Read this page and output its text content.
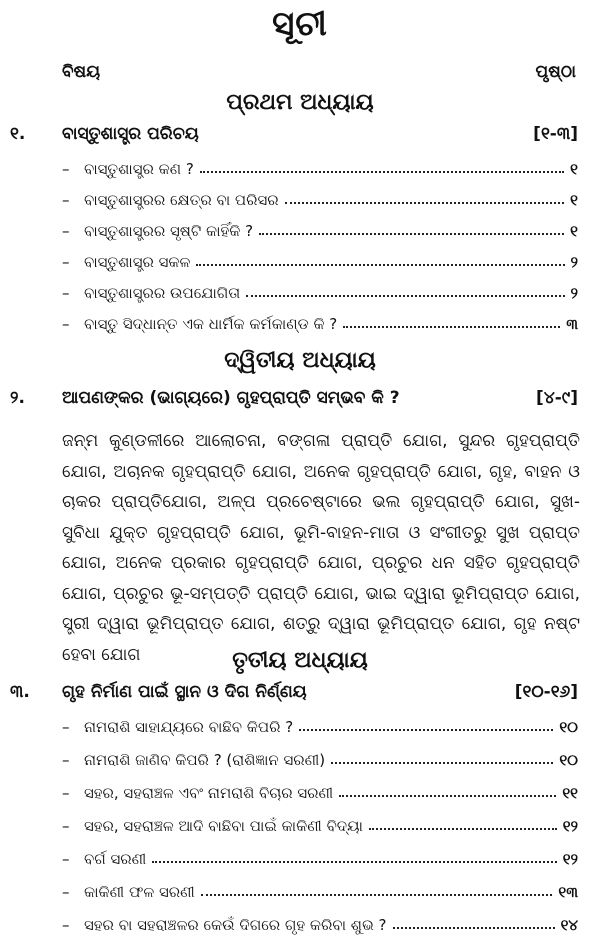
ସୂଚୀ
ବିଷୟ	ପୃଷ୍ଠା
ପ୍ରଥମ ଅଧ୍ୟାୟ
୧.	ବାସ୍ତୁଶାସ୍ତ୍ର ପରିଚୟ	[୧-୩]
– ବାସ୍ତୁଶାସ୍ତ୍ର କଣ ?	୧
– ବାସ୍ତୁଶାସ୍ତ୍ରର କ୍ଷେତ୍ର ବା ପରିସର	୧
– ବାସ୍ତୁଶାସ୍ତ୍ରର ସୃଷ୍ଟି କାହିଁକି ?	୧
– ବାସ୍ତୁଶାସ୍ତ୍ର ସକଳ	୨
– ବାସ୍ତୁଶାସ୍ତ୍ରର ଉପଯୋଗିତା	୨
– ବାସ୍ତୁ ସିଦ୍ଧାନ୍ତ ଏକ ଧାର୍ମିକ କର୍ମକାଣ୍ଡ କି ?	୩
ଦ୍ୱିତୀୟ ଅଧ୍ୟାୟ
୨.	ଆପଣଙ୍କର (ଭାଗ୍ୟରେ) ଗୃହପ୍ରାପ୍ତି ସମ୍ଭବ କି ?	[୪-୯]
ଜନ୍ମ କୁଣ୍ଡଳୀରେ ଆଲୋଚନା, ବଙ୍ଗଳା ପ୍ରାପ୍ତି ଯୋଗ, ସୁନ୍ଦର ଗୃହପ୍ରାପ୍ତି ଯୋଗ, ଅଚାନକ ଗୃହପ୍ରାପ୍ତି ଯୋଗ, ଅନେକ ଗୃହପ୍ରାପ୍ତି ଯୋଗ, ଗୃହ, ବାହନ ଓ ଚାକର ପ୍ରାପ୍ତିଯୋଗ, ଅଳ୍ପ ପ୍ରଚେଷ୍ଟାରେ ଭଲ ଗୃହପ୍ରାପ୍ତି ଯୋଗ, ସୁଖ-ସୁବିଧା ଯୁକ୍ତ ଗୃହପ୍ରାପ୍ତି ଯୋଗ, ଭୂମି-ବାହନ-ମାତା ଓ ସଂଗୀତରୁ ସୁଖ ପ୍ରାପ୍ତ ଯୋଗ, ଅନେକ ପ୍ରକାର ଗୃହପ୍ରାପ୍ତି ଯୋଗ, ପ୍ରଚୁର ଧନ ସହିତ ଗୃହପ୍ରାପ୍ତି ଯୋଗ, ପ୍ରଚୁର ଭୂ-ସମ୍ପତ୍ତି ପ୍ରାପ୍ତି ଯୋଗ, ଭାଇ ଦ୍ୱାରା ଭୂମିପ୍ରାପ୍ତ ଯୋଗ, ସ୍ତ୍ରୀ ଦ୍ୱାରା ଭୂମିପ୍ରାପ୍ତ ଯୋଗ, ଶତ୍ରୁ ଦ୍ୱାରା ଭୂମିପ୍ରାପ୍ତ ଯୋଗ, ଗୃହ ନଷ୍ଟ ହେବା ଯୋଗ	ତୃତୀୟ ଅଧ୍ୟାୟ
୩.	ଗୃହ ନିର୍ମାଣ ପାଇଁ ସ୍ଥାନ ଓ ଦିଗ ନିର୍ଣ୍ଣୟ	[୧୦-୧୬]
– ନାମରାଶି ସାହାଯ୍ୟରେ ବାଛିବ କିପରି ?	୧୦
– ନାମରାଶି ଜାଣିବ କିପରି ? (ରାଶିଜ୍ଞାନ ସରଣୀ)	୧୦
– ସହର, ସହରାଞ୍ଚଳ ଏବଂ ନାମରାଶି ବିଚାର ସରଣୀ	୧୧
– ସହର, ସହରାଞ୍ଚଳ ଆଦି ବାଛିବା ପାଇଁ କାକିଣୀ ବିଦ୍ୟା	୧୨
– ବର୍ଗ ସରଣୀ	୧୨
– କାକିଣୀ ଫଳ ସରଣୀ	୧୩
– ସହର ବା ସହରାଞ୍ଚଳର କେଉଁ ଦିଗରେ ଗୃହ କରିବା ଶୁଭ ?	୧୪
